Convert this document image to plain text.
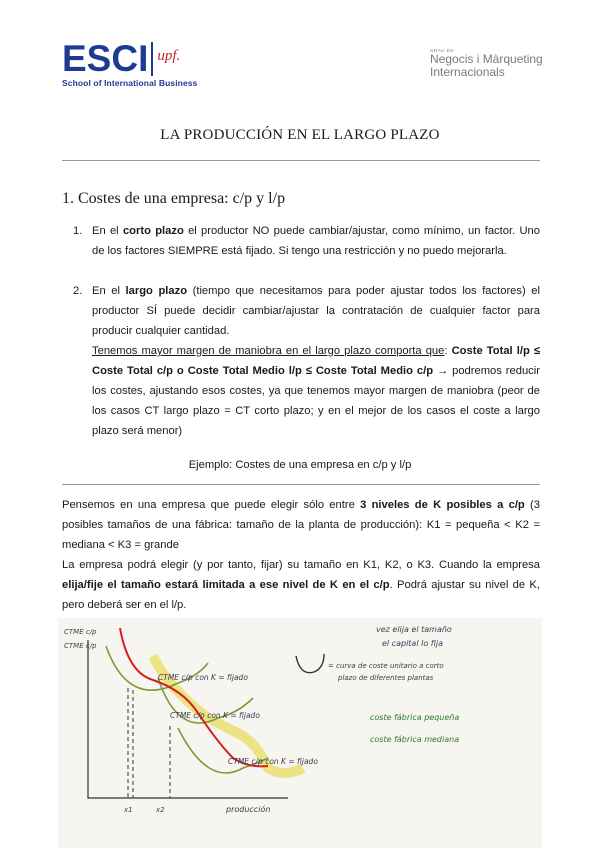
ESCI upf.
School of International Business
GRAU EN
Negocis i Màrqueting
Internacionals
LA PRODUCCIÓN EN EL LARGO PLAZO
1. Costes de una empresa: c/p y l/p
1. En el corto plazo el productor NO puede cambiar/ajustar, como mínimo, un factor. Uno de los factores SIEMPRE está fijado. Si tengo una restricción y no puedo mejorarla.
2. En el largo plazo (tiempo que necesitamos para poder ajustar todos los factores) el productor SÍ puede decidir cambiar/ajustar la contratación de cualquier factor para producir cualquier cantidad.
Tenemos mayor margen de maniobra en el largo plazo comporta que: Coste Total l/p ≤ Coste Total c/p o Coste Total Medio l/p ≤ Coste Total Medio c/p → podremos reducir los costes, ajustando esos costes, ya que tenemos mayor margen de maniobra (peor de los casos CT largo plazo = CT corto plazo; y en el mejor de los casos el coste a largo plazo será menor)
Ejemplo: Costes de una empresa en c/p y l/p
Pensemos en una empresa que puede elegir sólo entre 3 niveles de K posibles a c/p (3 posibles tamaños de una fábrica: tamaño de la planta de producción): K1 = pequeña < K2 = mediana < K3 = grande
La empresa podrá elegir (y por tanto, fijar) su tamaño en K1, K2, o K3. Cuando la empresa elija/fije el tamaño estará limitada a ese nivel de K en el c/p. Podrá ajustar su nivel de K, pero deberá ser en el l/p.
CTME c/p
CTME c/p
CTME c/p con K = fijado
CTME c/p con K = fijado
CTME c/p con K = fijado
x1	x2	producción
vez elija el tamaño
el capital lo fija
= curva de coste unitario a corto
plazo de diferentes plantas
coste fábrica pequeña
coste fábrica mediana
